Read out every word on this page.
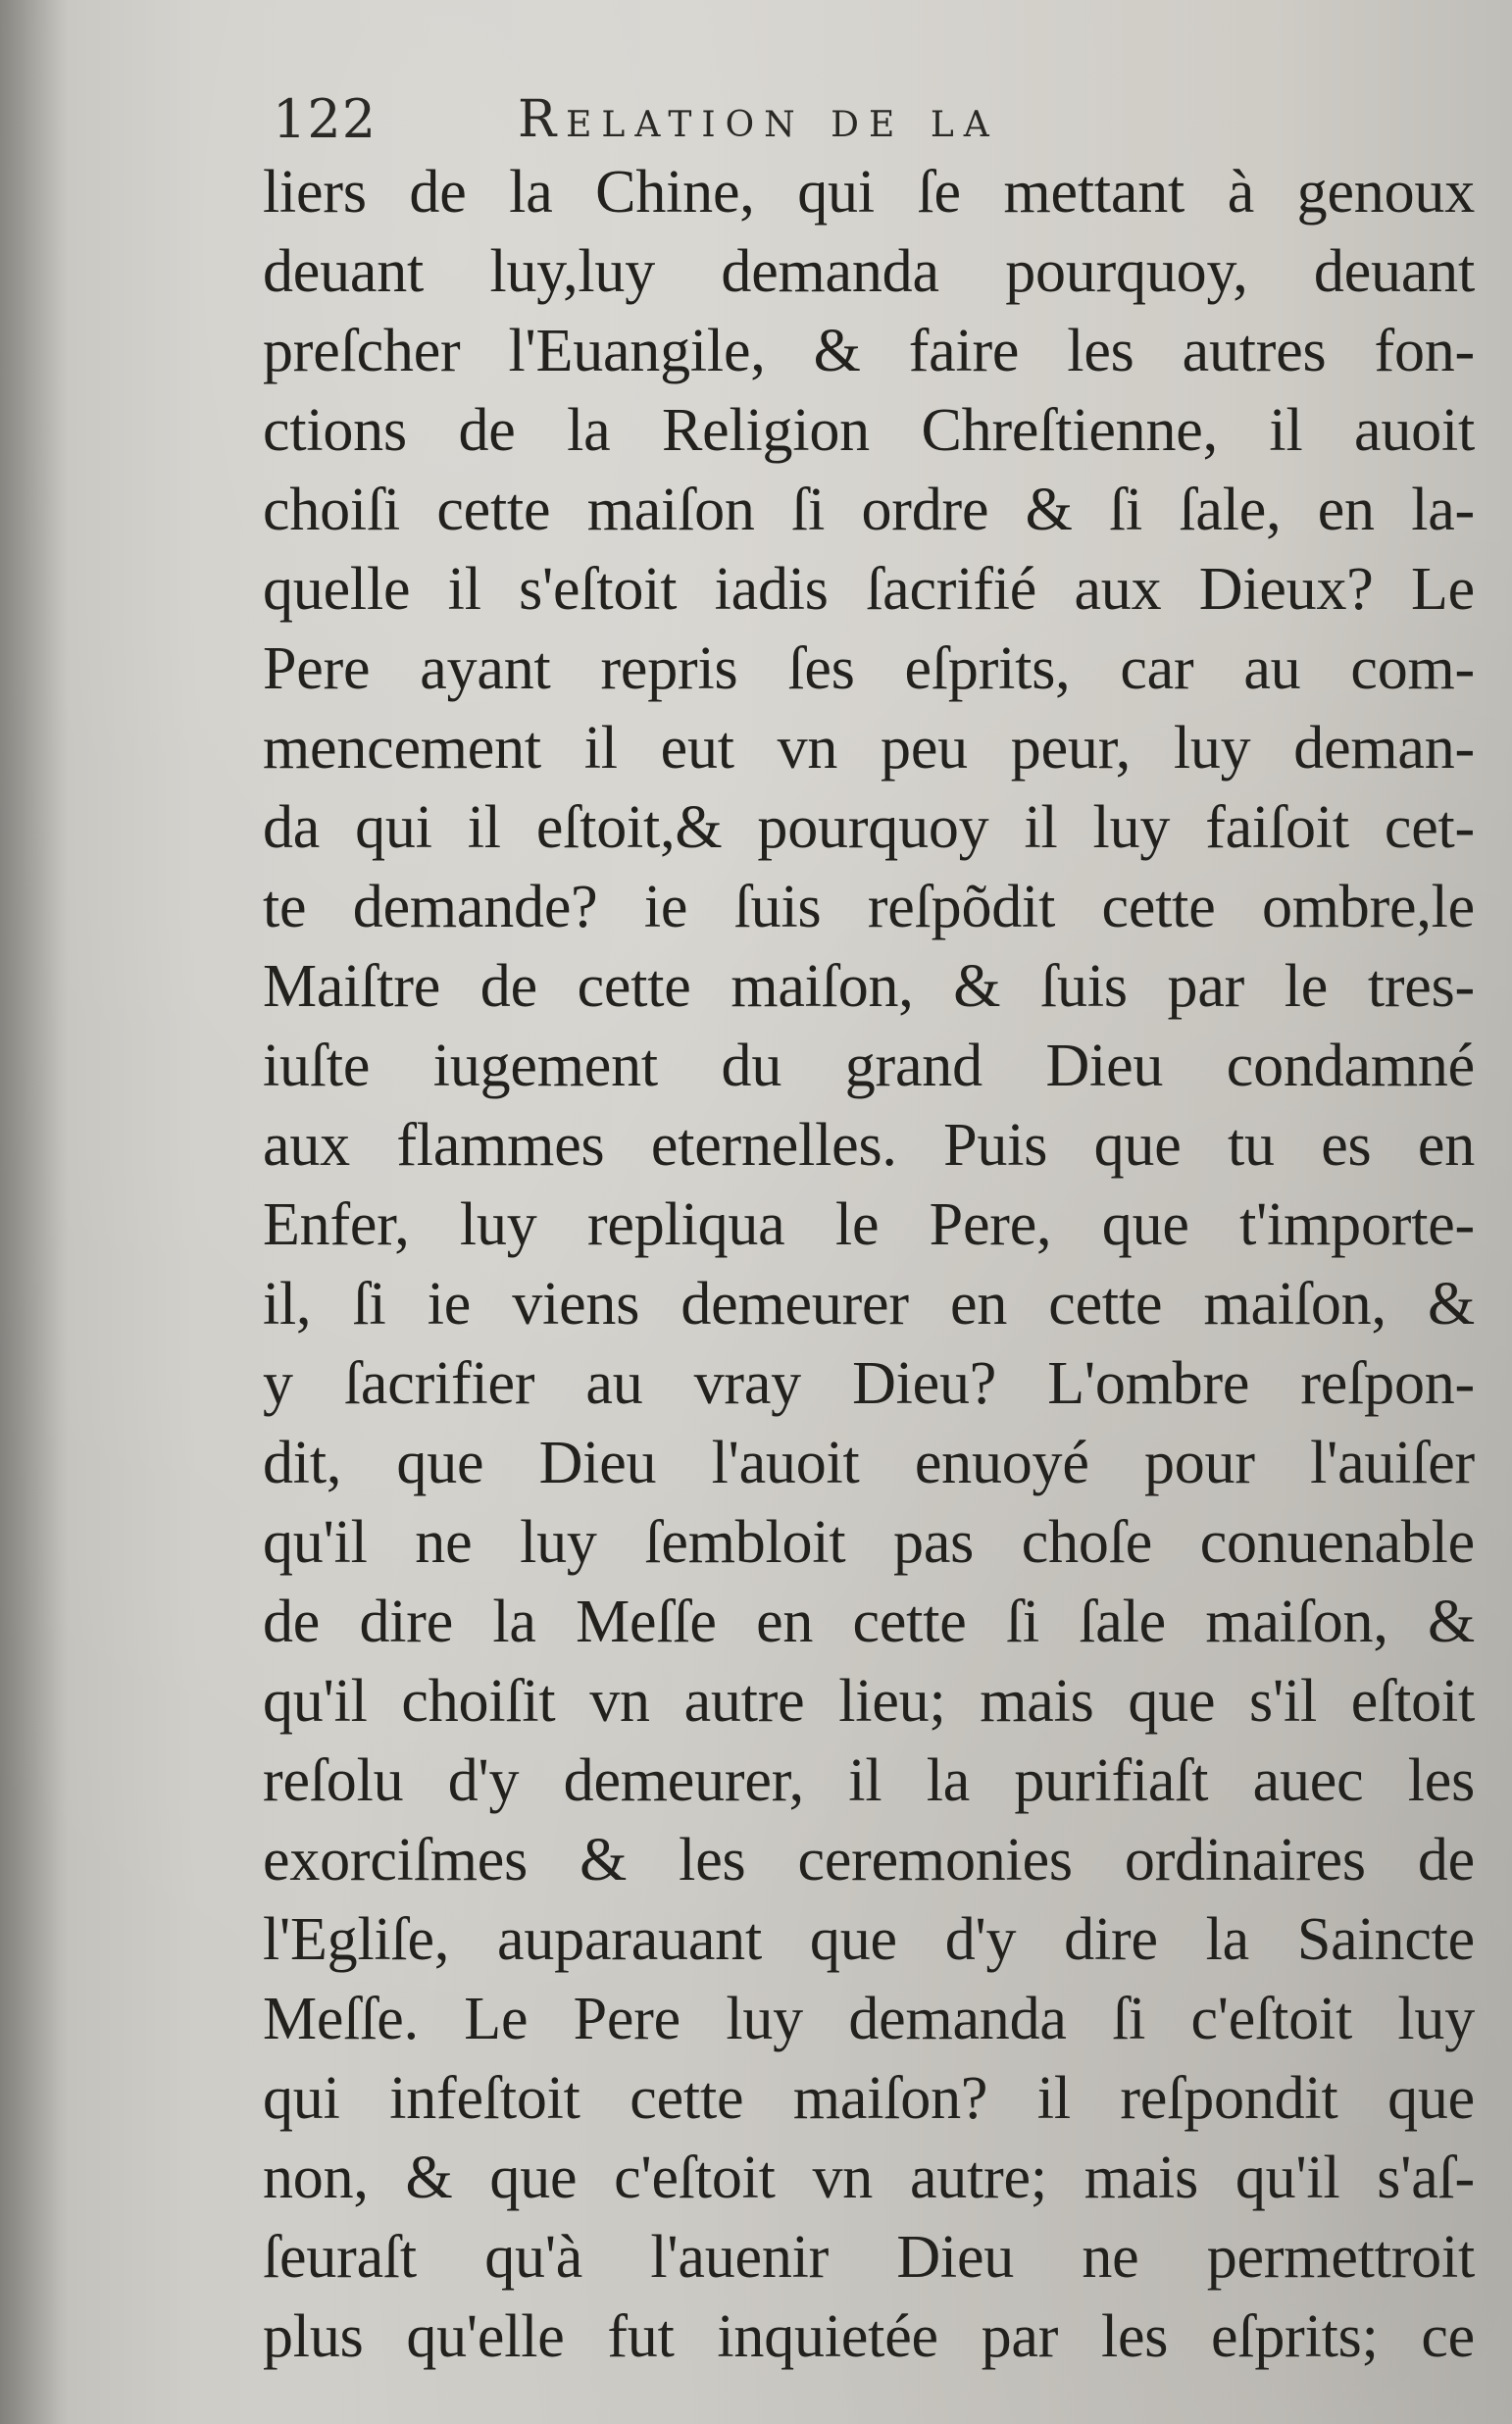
122	Relation de la
liers de la Chine, qui ſe mettant à genoux
deuant luy,luy demanda pourquoy, deuant
preſcher l'Euangile, & faire les autres fon-
ctions de la Religion Chreſtienne, il auoit
choiſi cette maiſon ſi ordre & ſi ſale, en la-
quelle il s'eſtoit iadis ſacrifié aux Dieux? Le
Pere ayant repris ſes eſprits, car au com-
mencement il eut vn peu peur, luy deman-
da qui il eſtoit,& pourquoy il luy faiſoit cet-
te demande? ie ſuis reſpõdit cette ombre,le
Maiſtre de cette maiſon, & ſuis par le tres-
iuſte iugement du grand Dieu condamné
aux flammes eternelles. Puis que tu es en
Enfer, luy repliqua le Pere, que t'importe-
il, ſi ie viens demeurer en cette maiſon, &
y ſacrifier au vray Dieu? L'ombre reſpon-
dit, que Dieu l'auoit enuoyé pour l'auiſer
qu'il ne luy ſembloit pas choſe conuenable
de dire la Meſſe en cette ſi ſale maiſon, &
qu'il choiſit vn autre lieu; mais que s'il eſtoit
reſolu d'y demeurer, il la purifiaſt auec les
exorciſmes & les ceremonies ordinaires de
l'Egliſe, auparauant que d'y dire la Saincte
Meſſe. Le Pere luy demanda ſi c'eſtoit luy
qui infeſtoit cette maiſon? il reſpondit que
non, & que c'eſtoit vn autre; mais qu'il s'aſ-
ſeuraſt qu'à l'auenir Dieu ne permettroit
plus qu'elle fut inquietée par les eſprits; ce
